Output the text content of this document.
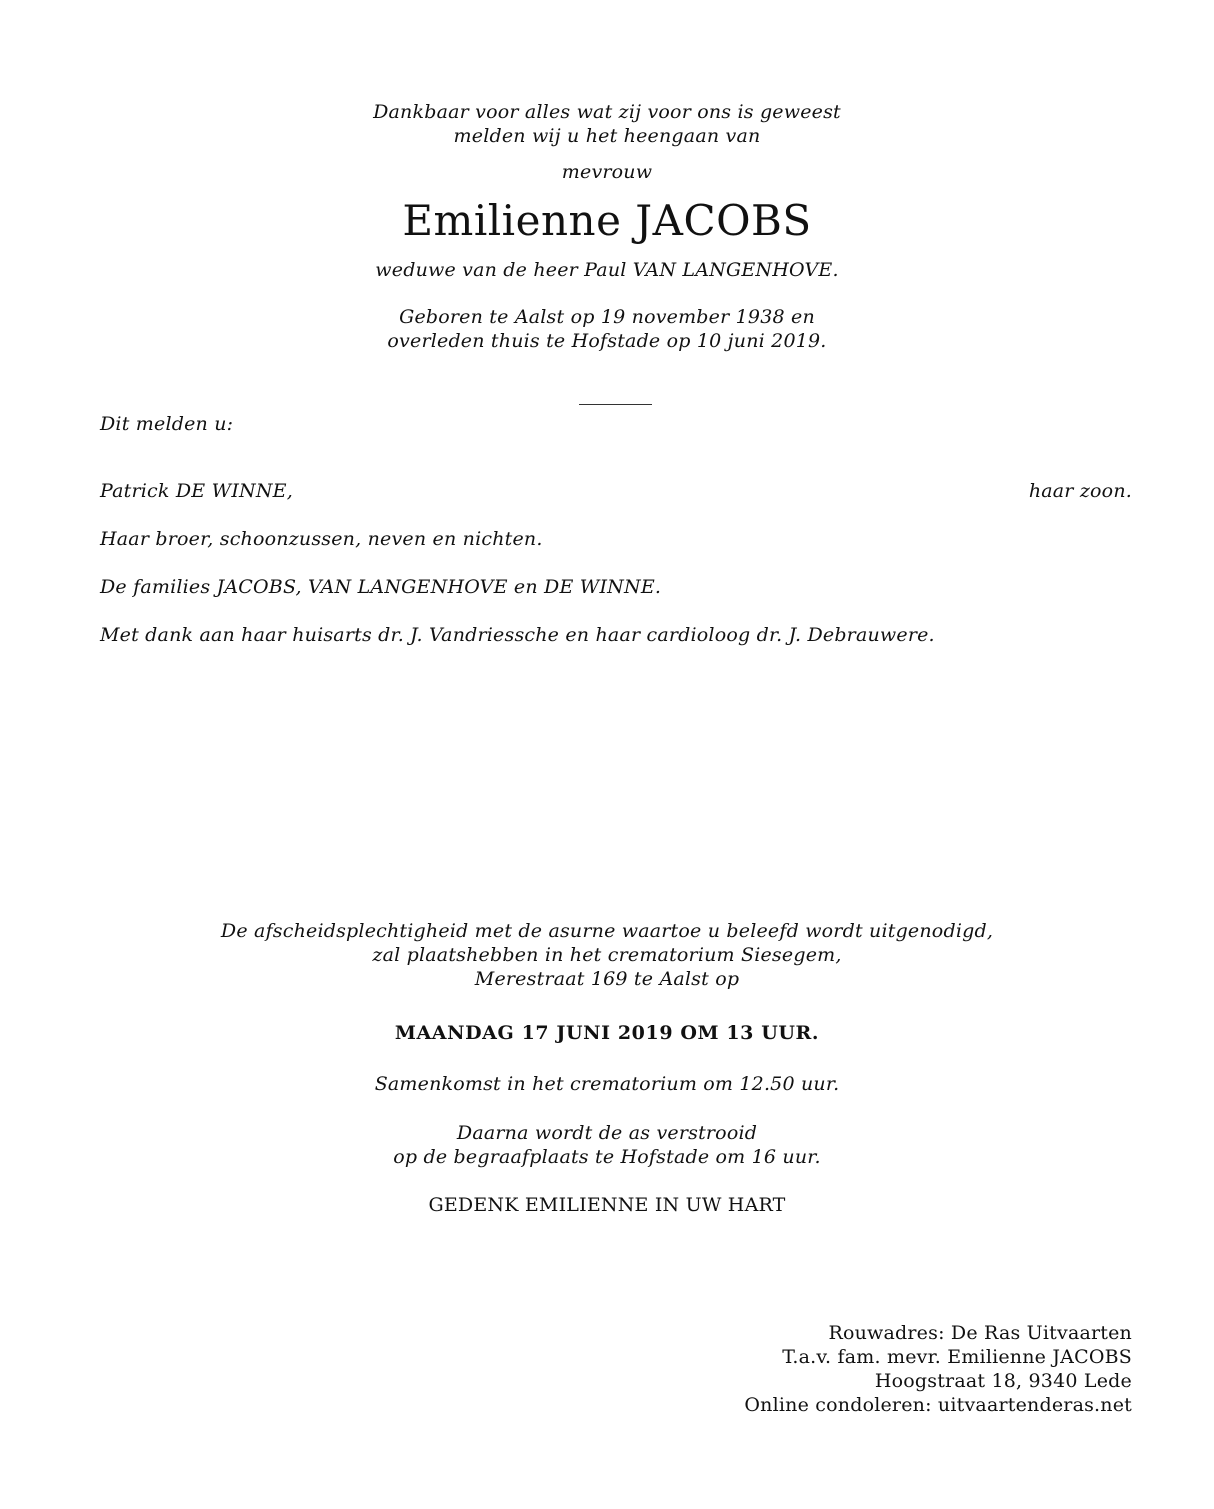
Dankbaar voor alles wat zij voor ons is geweest
melden wij u het heengaan van
mevrouw
Emilienne JACOBS
weduwe van de heer Paul VAN LANGENHOVE.
Geboren te Aalst op 19 november 1938 en
overleden thuis te Hofstade op 10 juni 2019.
Dit melden u:
Patrick DE WINNE,	haar zoon.
Haar broer, schoonzussen, neven en nichten.
De families JACOBS, VAN LANGENHOVE en DE WINNE.
Met dank aan haar huisarts dr. J. Vandriessche en haar cardioloog dr. J. Debrauwere.
De afscheidsplechtigheid met de asurne waartoe u beleefd wordt uitgenodigd,
zal plaatshebben in het crematorium Siesegem,
Merestraat 169 te Aalst op
MAANDAG 17 JUNI 2019 OM 13 UUR.
Samenkomst in het crematorium om 12.50 uur.
Daarna wordt de as verstrooid
op de begraafplaats te Hofstade om 16 uur.
GEDENK EMILIENNE IN UW HART
Rouwadres: De Ras Uitvaarten
T.a.v. fam. mevr. Emilienne JACOBS
Hoogstraat 18, 9340 Lede
Online condoleren: uitvaartenderas.net
